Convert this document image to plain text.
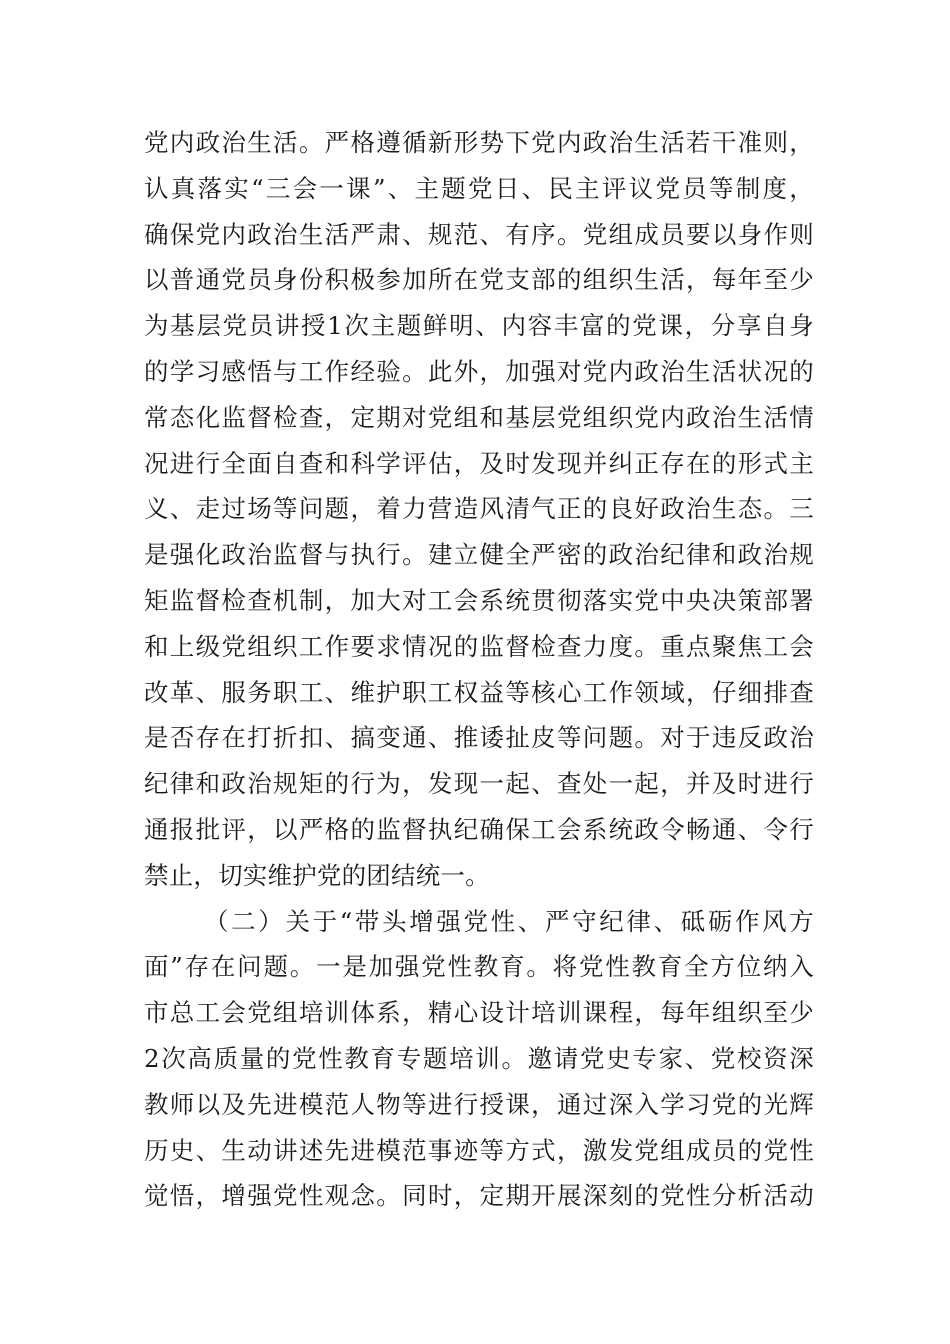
党内政治生活。严格遵循新形势下党内政治生活若干准则，
认真落实“三会一课”、主题党日、民主评议党员等制度，
确保党内政治生活严肃、规范、有序。党组成员要以身作则
以普通党员身份积极参加所在党支部的组织生活，每年至少
为基层党员讲授1次主题鲜明、内容丰富的党课，分享自身
的学习感悟与工作经验。此外，加强对党内政治生活状况的
常态化监督检查，定期对党组和基层党组织党内政治生活情
况进行全面自查和科学评估，及时发现并纠正存在的形式主
义、走过场等问题，着力营造风清气正的良好政治生态。三
是强化政治监督与执行。建立健全严密的政治纪律和政治规
矩监督检查机制，加大对工会系统贯彻落实党中央决策部署
和上级党组织工作要求情况的监督检查力度。重点聚焦工会
改革、服务职工、维护职工权益等核心工作领域，仔细排查
是否存在打折扣、搞变通、推诿扯皮等问题。对于违反政治
纪律和政治规矩的行为，发现一起、查处一起，并及时进行
通报批评，以严格的监督执纪确保工会系统政令畅通、令行
禁止，切实维护党的团结统一。
（二）关于“带头增强党性、严守纪律、砥砺作风方
面”存在问题。一是加强党性教育。将党性教育全方位纳入
市总工会党组培训体系，精心设计培训课程，每年组织至少
2次高质量的党性教育专题培训。邀请党史专家、党校资深
教师以及先进模范人物等进行授课，通过深入学习党的光辉
历史、生动讲述先进模范事迹等方式，激发党组成员的党性
觉悟，增强党性观念。同时，定期开展深刻的党性分析活动
